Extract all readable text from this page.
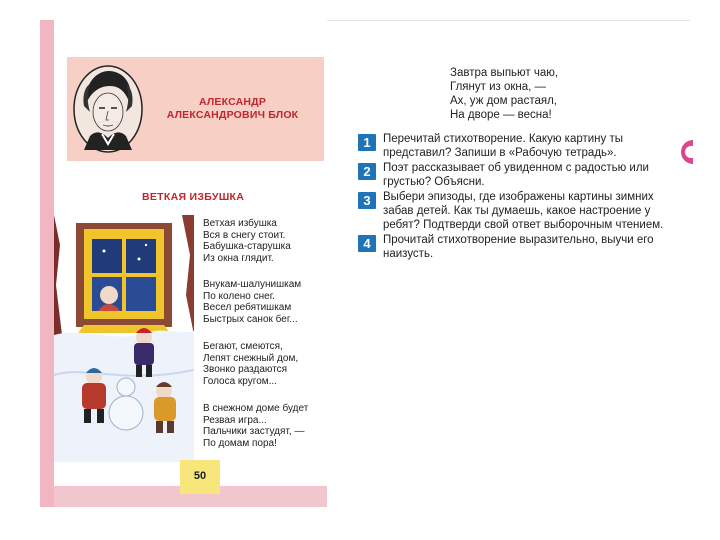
АЛЕКСАНДР АЛЕКСАНДРОВИЧ БЛОК
ВЕТКАЯ ИЗБУШКА
Ветхая избушка
Вся в снегу стоит.
Бабушка-старушка
Из окна глядит.
Внукам-шалунишкам
По колено снег.
Весел ребятишкам
Быстрых санок бег...
Бегают, смеются,
Лепят снежный дом,
Звонко раздаются
Голоса кругом...
В снежном доме будет
Резвая игра...
Пальчики застудят, —
По домам пора!
50
Завтра выпьют чаю,
Глянут из окна, —
Ах, уж дом растаял,
На дворе — весна!
1	Перечитай стихотворение. Какую картину ты представил? Запиши в «Рабочую тетрадь».
2	Поэт рассказывает об увиденном с радостью или грустью? Объясни.
3	Выбери эпизоды, где изображены картины зимних забав детей. Как ты думаешь, какое настроение у ребят? Подтверди свой ответ выборочным чтением.
4	Прочитай стихотворение выразительно, выучи его наизусть.
